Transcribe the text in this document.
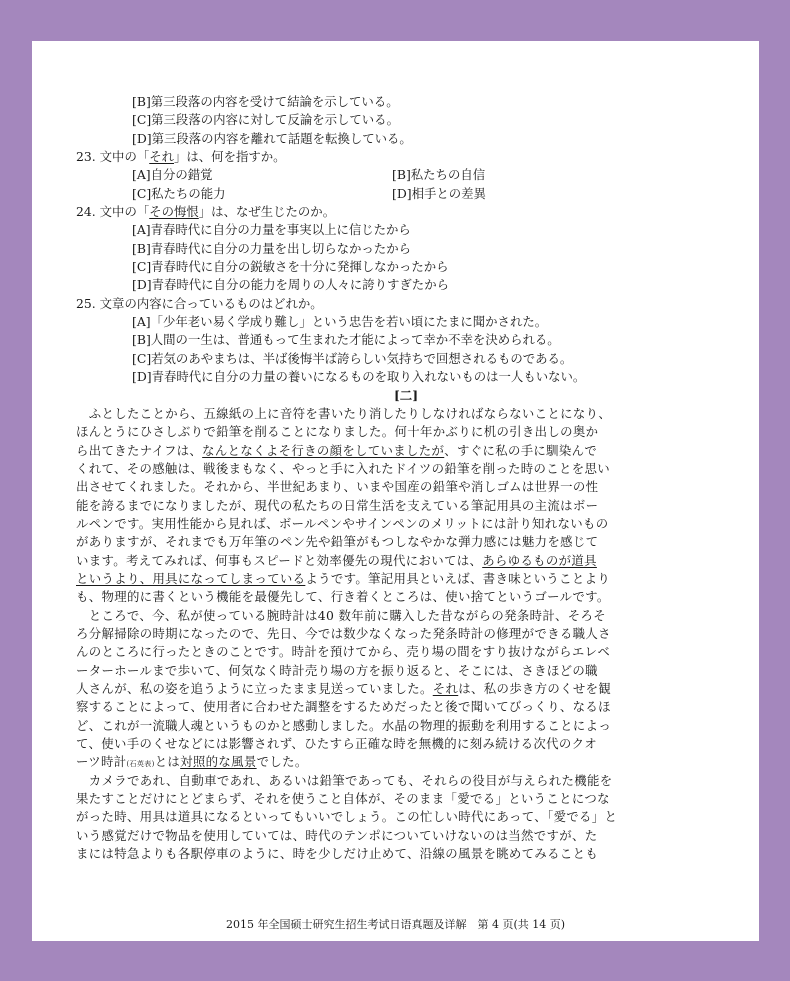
[B]第三段落の内容を受けて結論を示している。
[C]第三段落の内容に対して反論を示している。
[D]第三段落の内容を離れて話題を転換している。
23. 文中の「それ」は、何を指すか。
[A]自分の錯覚	[B]私たちの自信
[C]私たちの能力	[D]相手との差異
24. 文中の「その悔恨」は、なぜ生じたのか。
[A]青春時代に自分の力量を事実以上に信じたから
[B]青春時代に自分の力量を出し切らなかったから
[C]青春時代に自分の鋭敏さを十分に発揮しなかったから
[D]青春時代に自分の能力を周りの人々に誇りすぎたから
25. 文章の内容に合っているものはどれか。
[A]「少年老い易く学成り難し」という忠告を若い頃にたまに聞かされた。
[B]人間の一生は、普通もって生まれた才能によって幸か不幸を決められる。
[C]若気のあやまちは、半ば後悔半ば誇らしい気持ちで回想されるものである。
[D]青春時代に自分の力量の養いになるものを取り入れないものは一人もいない。
[二]
　ふとしたことから、五線紙の上に音符を書いたり消したりしなければならないことになり、
ほんとうにひさしぶりで鉛筆を削ることになりました。何十年かぶりに机の引き出しの奥か
ら出てきたナイフは、なんとなくよそ行きの顔をしていましたが、すぐに私の手に馴染んで
くれて、その感触は、戦後まもなく、やっと手に入れたドイツの鉛筆を削った時のことを思い
出させてくれました。それから、半世紀あまり、いまや国産の鉛筆や消しゴムは世界一の性
能を誇るまでになりましたが、現代の私たちの日常生活を支えている筆記用具の主流はボー
ルペンです。実用性能から見れば、ボールペンやサインペンのメリットには計り知れないもの
がありますが、それまでも万年筆のペン先や鉛筆がもつしなやかな弾力感には魅力を感じて
います。考えてみれば、何事もスピードと効率優先の現代においては、あらゆるものが道具
というより、用具になってしまっているようです。筆記用具といえば、書き味ということより
も、物理的に書くという機能を最優先して、行き着くところは、使い捨てというゴールです。
　ところで、今、私が使っている腕時計は40 数年前に購入した昔ながらの発条時計、そろそ
ろ分解掃除の時期になったので、先日、今では数少なくなった発条時計の修理ができる職人さ
んのところに行ったときのことです。時計を預けてから、売り場の間をすり抜けながらエレベ
ーターホールまで歩いて、何気なく時計売り場の方を振り返ると、そこには、さきほどの職
人さんが、私の姿を追うように立ったまま見送っていました。それは、私の歩き方のくせを観
察することによって、使用者に合わせた調整をするためだったと後で聞いてびっくり、なるほ
ど、これが一流職人魂というものかと感動しました。水晶の物理的振動を利用することによっ
て、使い手のくせなどには影響されず、ひたすら正確な時を無機的に刻み続ける次代のクオ
ーツ時計(石英表)とは対照的な風景でした。
　カメラであれ、自動車であれ、あるいは鉛筆であっても、それらの役目が与えられた機能を
果たすことだけにとどまらず、それを使うこと自体が、そのまま「愛でる」ということにつな
がった時、用具は道具になるといってもいいでしょう。この忙しい時代にあって、「愛でる」と
いう感覚だけで物品を使用していては、時代のテンポについていけないのは当然ですが、た
まには特急よりも各駅停車のように、時を少しだけ止めて、沿線の風景を眺めてみることも
2015 年全国硕士研究生招生考试日语真题及详解　第 4 页(共 14 页)
